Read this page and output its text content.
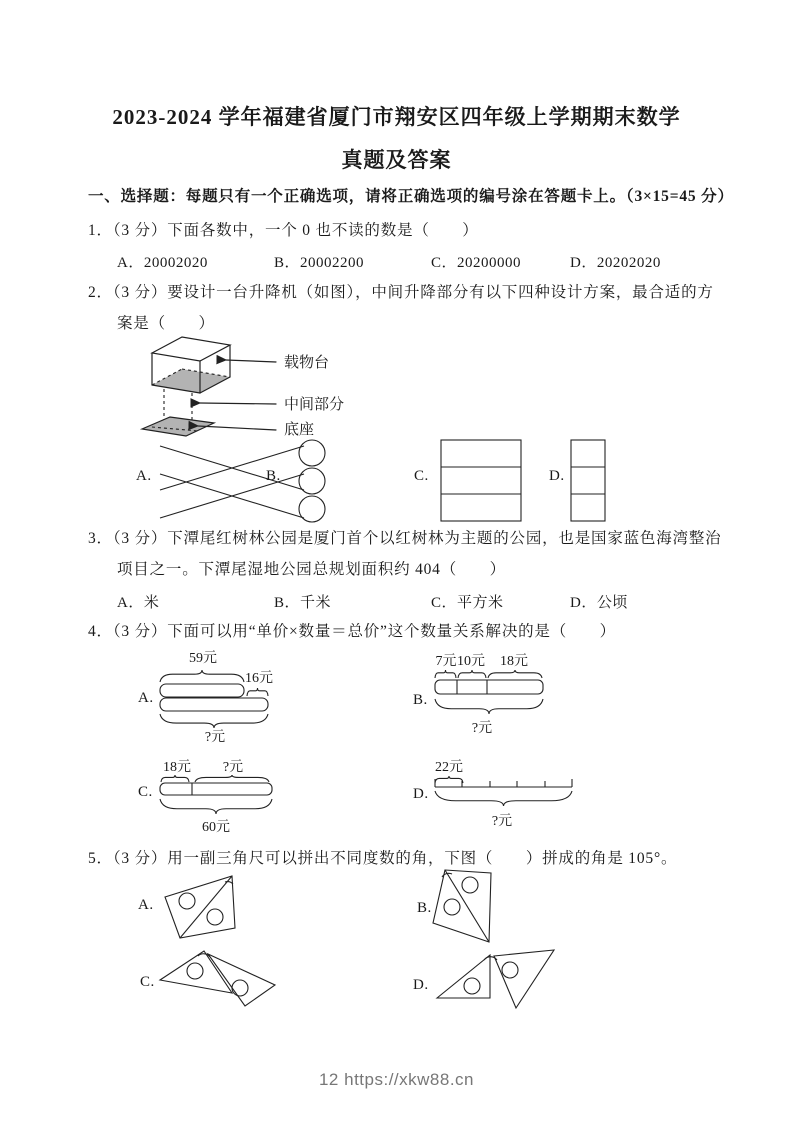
2023-2024 学年福建省厦门市翔安区四年级上学期期末数学
真题及答案
一、选择题：每题只有一个正确选项，请将正确选项的编号涂在答题卡上。（3×15=45 分）
1．（3 分）下面各数中，一个 0 也不读的数是（　　）
A．20002020	B．20002200	C．20200000	D．20202020
2．（3 分）要设计一台升降机（如图），中间升降部分有以下四种设计方案，最合适的方
案是（　　）
载物台
中间部分
底座
A.	B.	C.	D.
3．（3 分）下潭尾红树林公园是厦门首个以红树林为主题的公园，也是国家蓝色海湾整治
项目之一。下潭尾湿地公园总规划面积约 404（　　）
A．米	B．千米	C．平方米	D．公顷
4．（3 分）下面可以用“单价×数量＝总价”这个数量关系解决的是（　　）
A.
59元
16元
?元
B.
7元 10元 18元
?元
C.
18元 ?元
60元
D.
22元
?元
5．（3 分）用一副三角尺可以拼出不同度数的角，下图（　　）拼成的角是 105°。
A.	B.
C.	D.
12 https://xkw88.cn
